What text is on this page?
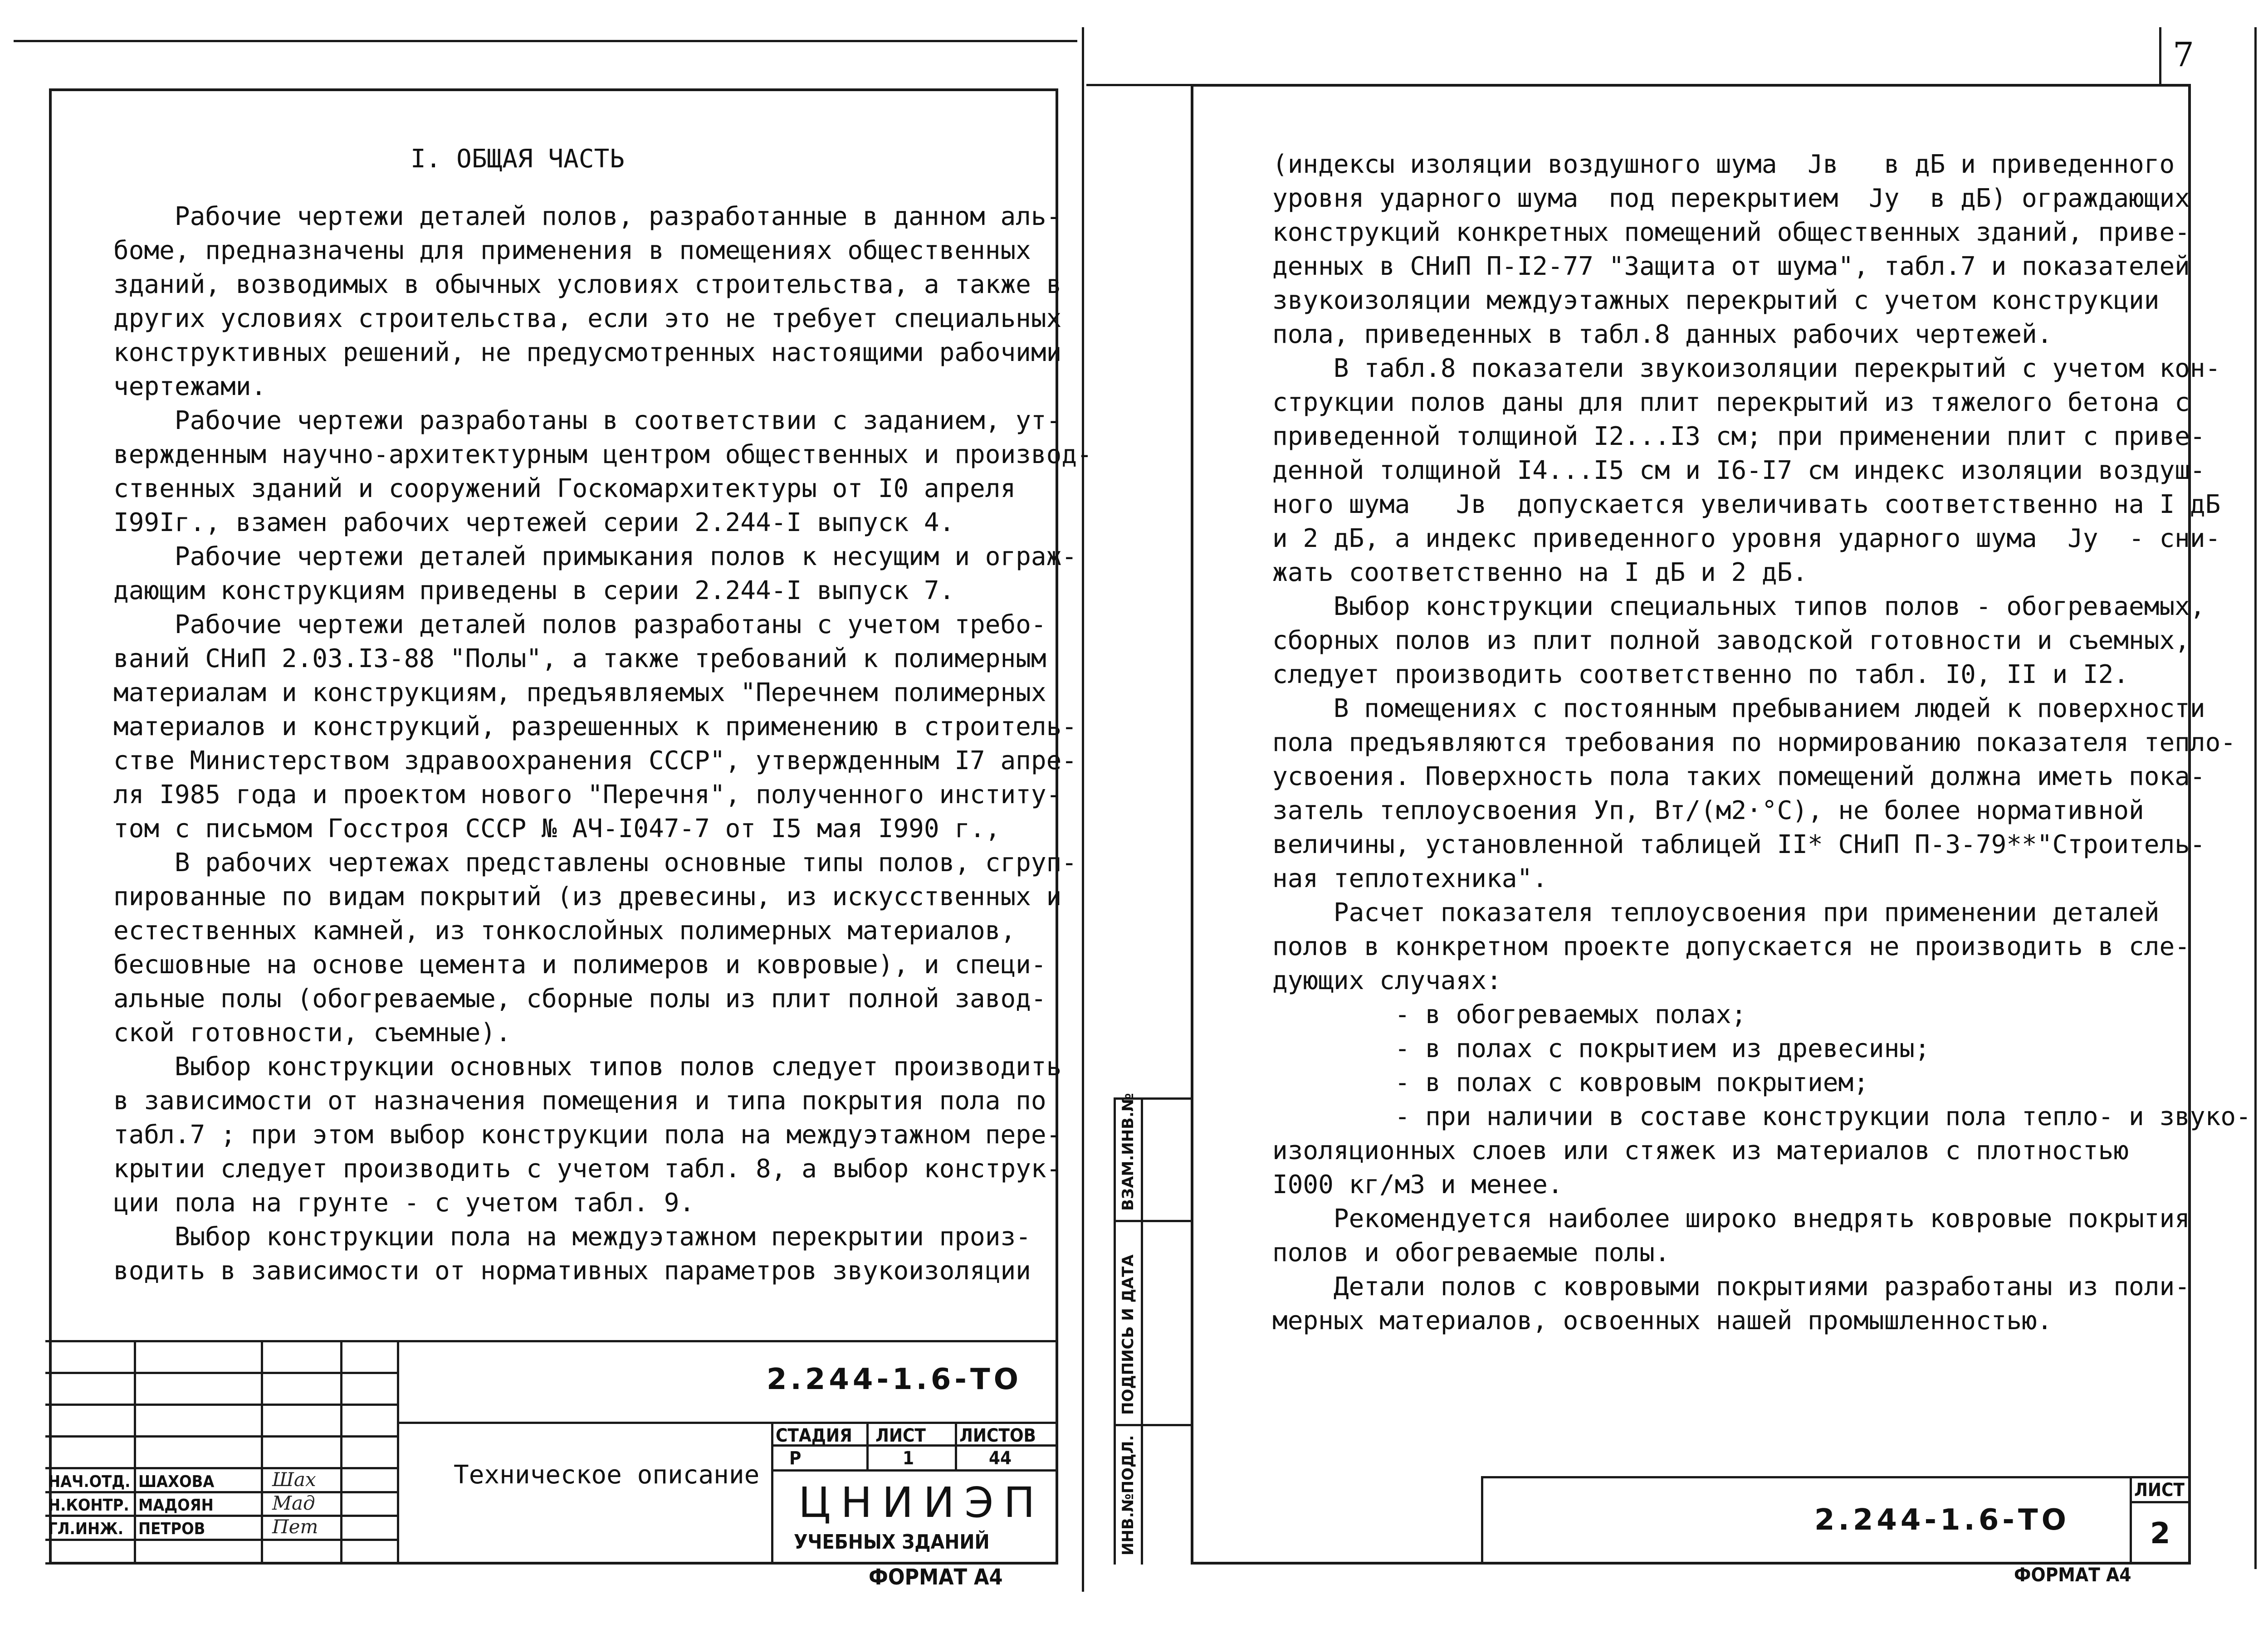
7
I. ОБЩАЯ ЧАСТЬ
Рабочие чертежи деталей полов, разработанные в данном аль-
боме, предназначены для применения в помещениях общественных
зданий, возводимых в обычных условиях строительства, а также в
других условиях строительства, если это не требует специальных
конструктивных решений, не предусмотренных настоящими рабочими
чертежами.
Рабочие чертежи разработаны в соответствии с заданием, ут-
вержденным научно-архитектурным центром общественных и производ-
ственных зданий и сооружений Госкомархитектуры от I0 апреля
I99Iг., взамен рабочих чертежей серии 2.244-I выпуск 4.
Рабочие чертежи деталей примыкания полов к несущим и ограж-
дающим конструкциям приведены в серии 2.244-I выпуск 7.
Рабочие чертежи деталей полов разработаны с учетом требо-
ваний СНиП 2.03.I3-88 "Полы", а также требований к полимерным
материалам и конструкциям, предъявляемых "Перечнем полимерных
материалов и конструкций, разрешенных к применению в строитель-
стве Министерством здравоохранения СССР", утвержденным I7 апре-
ля I985 года и проектом нового "Перечня", полученного институ-
том с письмом Госстроя СССР № АЧ-I047-7 от I5 мая I990 г.,
В рабочих чертежах представлены основные типы полов, сгруп-
пированные по видам покрытий (из древесины, из искусственных и
естественных камней, из тонкослойных полимерных материалов,
бесшовные на основе цемента и полимеров и ковровые), и специ-
альные полы (обогреваемые, сборные полы из плит полной завод-
ской готовности, съемные).
Выбор конструкции основных типов полов следует производить
в зависимости от назначения помещения и типа покрытия пола по
табл.7 ; при этом выбор конструкции пола на междуэтажном пере-
крытии следует производить с учетом табл. 8, а выбор конструк-
ции пола на грунте - с учетом табл. 9.
Выбор конструкции пола на междуэтажном перекрытии произ-
водить в зависимости от нормативных параметров звукоизоляции
2.244-1.6-ТО
Техническое описание
СТАДИЯ ЛИСТ ЛИСТОВ
Р	1	44
ЦНИИЭП
УЧЕБНЫХ ЗДАНИЙ
НАЧ.ОТД. ШАХОВА	Шах
Н.КОНТР. МАДОЯН	Мад
ГЛ.ИНЖ. ПЕТРОВ	Пет
ФОРМАТ А4
(индексы изоляции воздушного шума  Jв   в дБ и приведенного
уровня ударного шума  под перекрытием  Jу  в дБ) ограждающих
конструкций конкретных помещений общественных зданий, приве-
денных в СНиП П-I2-77 "Защита от шума", табл.7 и показателей
звукоизоляции междуэтажных перекрытий с учетом конструкции
пола, приведенных в табл.8 данных рабочих чертежей.
В табл.8 показатели звукоизоляции перекрытий с учетом кон-
струкции полов даны для плит перекрытий из тяжелого бетона с
приведенной толщиной I2...I3 см; при применении плит с приве-
денной толщиной I4...I5 см и I6-I7 см индекс изоляции воздуш-
ного шума   Jв  допускается увеличивать соответственно на I дБ
и 2 дБ, а индекс приведенного уровня ударного шума  Jу  - сни-
жать соответственно на I дБ и 2 дБ.
Выбор конструкции специальных типов полов - обогреваемых,
сборных полов из плит полной заводской готовности и съемных,
следует производить соответственно по табл. I0, II и I2.
В помещениях с постоянным пребыванием людей к поверхности
пола предъявляются требования по нормированию показателя тепло-
усвоения. Поверхность пола таких помещений должна иметь пока-
затель теплоусвоения Уп, Вт/(м2·°С), не более нормативной
величины, установленной таблицей II* СНиП П-3-79**"Строитель-
ная теплотехника".
Расчет показателя теплоусвоения при применении деталей
полов в конкретном проекте допускается не производить в сле-
дующих случаях:
- в обогреваемых полах;
- в полах с покрытием из древесины;
- в полах с ковровым покрытием;
- при наличии в составе конструкции пола тепло- и звуко-
изоляционных слоев или стяжек из материалов с плотностью
I000 кг/м3 и менее.
Рекомендуется наиболее широко внедрять ковровые покрытия
полов и обогреваемые полы.
Детали полов с ковровыми покрытиями разработаны из поли-
мерных материалов, освоенных нашей промышленностью.
ВЗАМ.ИНВ.№
ПОДПИСЬ И ДАТА
ИНВ.№ПОДЛ.	2.244-1.6-ТО
ЛИСТ
2
ФОРМАТ А4
